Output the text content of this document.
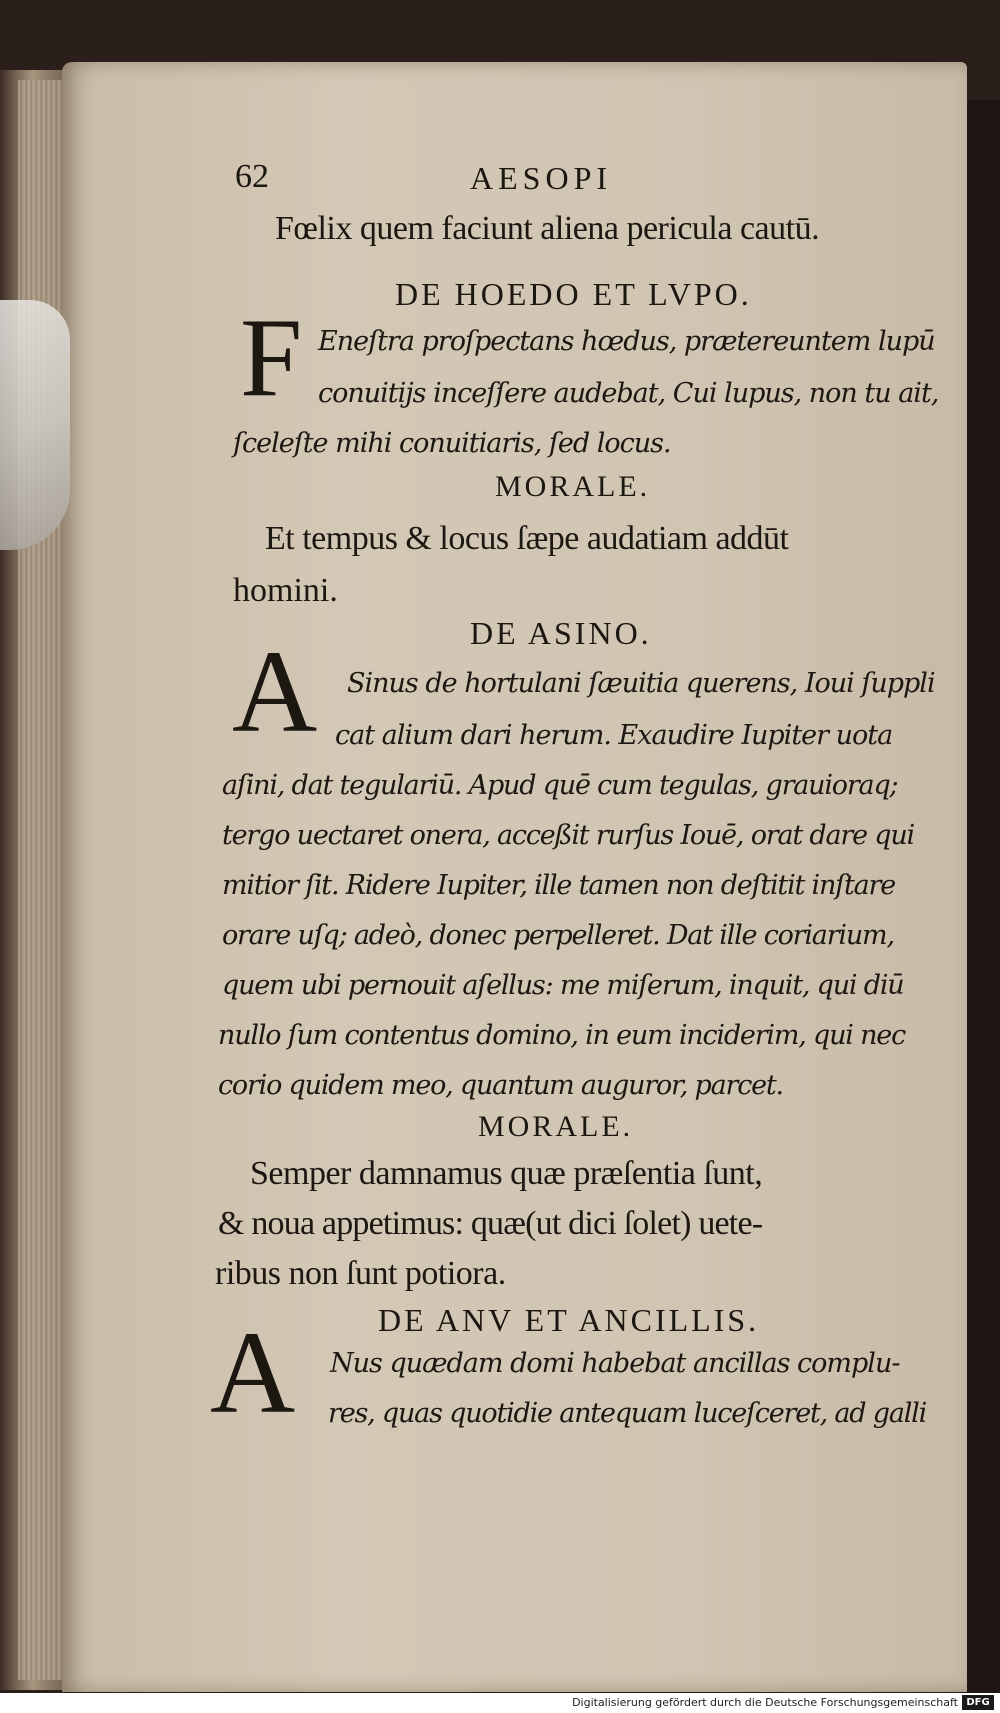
62	AESOPI
Fœlix quem faciunt aliena pericula cautū.
DE HOEDO ET LVPO.
F Eneſtra proſpectans hœdus, prætereuntem lupū
conuitijs inceſſere audebat, Cui lupus, non tu ait,
ſceleſte mihi conuitiaris, ſed locus.
MORALE.
Et tempus & locus ſæpe audatiam addūt
homini.
DE ASINO.
A Sinus de hortulani ſæuitia querens, Ioui ſuppli
cat alium dari herum. Exaudire Iupiter uota
aſini, dat tegulariū. Apud quē cum tegulas, grauioraq;
tergo uectaret onera, acceßit rurſus Iouē, orat dare qui
mitior ſit. Ridere Iupiter, ille tamen non deſtitit inſtare
orare uſq; adeò, donec perpelleret. Dat ille coriarium,
quem ubi pernouit aſellus: me miſerum, inquit, qui diū
nullo ſum contentus domino, in eum inciderim, qui nec
corio quidem meo, quantum auguror, parcet.
MORALE.
Semper damnamus quæ præſentia ſunt,
& noua appetimus: quæ(ut dici ſolet) uete-
ribus non ſunt potiora.
DE ANV ET ANCILLIS.
A Nus quædam domi habebat ancillas complu-
res, quas quotidie antequam luceſceret, ad galli
Digitalisierung gefördert durch die Deutsche Forschungsgemeinschaft DFG
